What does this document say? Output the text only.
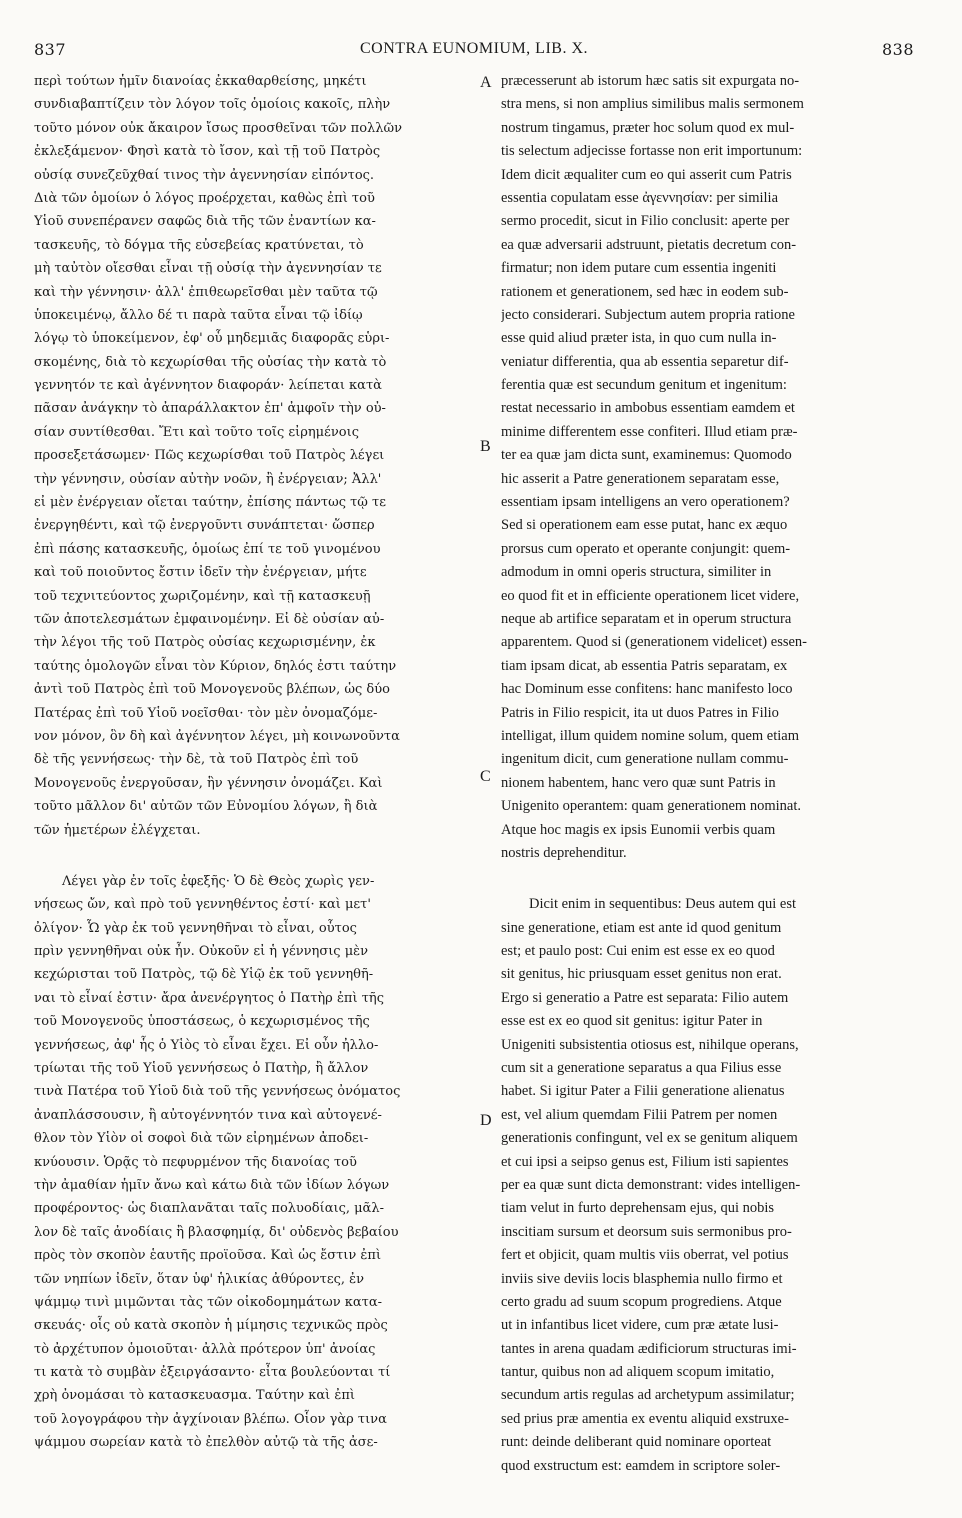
837	CONTRA EUNOMIUM, LIB. X.	838
περὶ τούτων ἡμῖν διανοίας ἐκκαθαρθείσης, μηκέτι
συνδιαβαπτίζειν τὸν λόγον τοῖς ὁμοίοις κακοῖς, πλὴν
τοῦτο μόνον οὐκ ἄκαιρον ἴσως προσθεῖναι τῶν πολλῶν
ἐκλεξάμενον· Φησὶ κατὰ τὸ ἴσον, καὶ τῇ τοῦ Πατρὸς
οὐσίᾳ συνεζεῦχθαί τινος τὴν ἀγεννησίαν εἰπόντος.
Διὰ τῶν ὁμοίων ὁ λόγος προέρχεται, καθὼς ἐπὶ τοῦ
Υἱοῦ συνεπέρανεν σαφῶς διὰ τῆς τῶν ἐναντίων κα-
τασκευῆς, τὸ δόγμα τῆς εὐσεβείας κρατύνεται, τὸ
μὴ ταὐτὸν οἴεσθαι εἶναι τῇ οὐσίᾳ τὴν ἀγεννησίαν τε
καὶ τὴν γέννησιν· ἀλλ' ἐπιθεωρεῖσθαι μὲν ταῦτα τῷ
ὑποκειμένῳ, ἄλλο δέ τι παρὰ ταῦτα εἶναι τῷ ἰδίῳ
λόγῳ τὸ ὑποκείμενον, ἐφ' οὗ μηδεμιᾶς διαφορᾶς εὑρι-
σκομένης, διὰ τὸ κεχωρίσθαι τῆς οὐσίας τὴν κατὰ τὸ
γεννητόν τε καὶ ἀγέννητον διαφοράν· λείπεται κατὰ
πᾶσαν ἀνάγκην τὸ ἀπαράλλακτον ἐπ' ἀμφοῖν τὴν οὐ-
σίαν συντίθεσθαι. Ἔτι καὶ τοῦτο τοῖς εἰρημένοις
προσεξετάσωμεν· Πῶς κεχωρίσθαι τοῦ Πατρὸς λέγει
τὴν γέννησιν, οὐσίαν αὐτὴν νοῶν, ἢ ἐνέργειαν; Ἀλλ'
εἰ μὲν ἐνέργειαν οἴεται ταύτην, ἐπίσης πάντως τῷ τε
ἐνεργηθέντι, καὶ τῷ ἐνεργοῦντι συνάπτεται· ὥσπερ
ἐπὶ πάσης κατασκευῆς, ὁμοίως ἐπί τε τοῦ γινομένου
καὶ τοῦ ποιοῦντος ἔστιν ἰδεῖν τὴν ἐνέργειαν, μήτε
τοῦ τεχνιτεύοντος χωριζομένην, καὶ τῇ κατασκευῇ
τῶν ἀποτελεσμάτων ἐμφαινομένην. Εἰ δὲ οὐσίαν αὐ-
τὴν λέγοι τῆς τοῦ Πατρὸς οὐσίας κεχωρισμένην, ἐκ
ταύτης ὁμολογῶν εἶναι τὸν Κύριον, δηλός ἐστι ταύτην
ἀντὶ τοῦ Πατρὸς ἐπὶ τοῦ Μονογενοῦς βλέπων, ὡς δύο
Πατέρας ἐπὶ τοῦ Υἱοῦ νοεῖσθαι· τὸν μὲν ὀνομαζόμε-
νον μόνον, ὃν δὴ καὶ ἀγέννητον λέγει, μὴ κοινωνοῦντα
δὲ τῆς γεννήσεως· τὴν δὲ, τὰ τοῦ Πατρὸς ἐπὶ τοῦ
Μονογενοῦς ἐνεργοῦσαν, ἣν γέννησιν ὀνομάζει. Καὶ
τοῦτο μᾶλλον δι' αὐτῶν τῶν Εὐνομίου λόγων, ἢ διὰ
τῶν ἡμετέρων ἐλέγχεται.
Λέγει γὰρ ἐν τοῖς ἐφεξῆς· Ὁ δὲ Θεὸς χωρὶς γεν-
νήσεως ὤν, καὶ πρὸ τοῦ γεννηθέντος ἐστί· καὶ μετ'
ὀλίγον· Ὧ γὰρ ἐκ τοῦ γεννηθῆναι τὸ εἶναι, οὗτος
πρὶν γεννηθῆναι οὐκ ἦν. Οὐκοῦν εἰ ἡ γέννησις μὲν
κεχώρισται τοῦ Πατρὸς, τῷ δὲ Υἱῷ ἐκ τοῦ γεννηθῆ-
ναι τὸ εἶναί ἐστιν· ἄρα ἀνενέργητος ὁ Πατὴρ ἐπὶ τῆς
τοῦ Μονογενοῦς ὑποστάσεως, ὁ κεχωρισμένος τῆς
γεννήσεως, ἀφ' ἧς ὁ Υἱὸς τὸ εἶναι ἔχει. Εἰ οὖν ἠλλο-
τρίωται τῆς τοῦ Υἱοῦ γεννήσεως ὁ Πατὴρ, ἢ ἄλλον
τινὰ Πατέρα τοῦ Υἱοῦ διὰ τοῦ τῆς γεννήσεως ὀνόματος
ἀναπλάσσουσιν, ἢ αὐτογέννητόν τινα καὶ αὐτογενέ-
θλον τὸν Υἱὸν οἱ σοφοὶ διὰ τῶν εἰρημένων ἀποδει-
κνύουσιν. Ὁρᾷς τὸ πεφυρμένον τῆς διανοίας τοῦ
τὴν ἀμαθίαν ἡμῖν ἄνω καὶ κάτω διὰ τῶν ἰδίων λόγων
προφέροντος· ὡς διαπλανᾶται ταῖς πολυοδίαις, μᾶλ-
λον δὲ ταῖς ἀνοδίαις ἢ βλασφημίᾳ, δι' οὐδενὸς βεβαίου
πρὸς τὸν σκοπὸν ἑαυτῆς προϊοῦσα. Καὶ ὡς ἔστιν ἐπὶ
τῶν νηπίων ἰδεῖν, ὅταν ὑφ' ἡλικίας ἀθύροντες, ἐν
ψάμμῳ τινὶ μιμῶνται τὰς τῶν οἰκοδομημάτων κατα-
σκευάς· οἷς οὐ κατὰ σκοπὸν ἡ μίμησις τεχνικῶς πρὸς
τὸ ἀρχέτυπον ὁμοιοῦται· ἀλλὰ πρότερον ὑπ' ἀνοίας
τι κατὰ τὸ συμβὰν ἐξειργάσαντο· εἶτα βουλεύονται τί
χρὴ ὀνομάσαι τὸ κατασκευασμα. Ταύτην καὶ ἐπὶ
τοῦ λογογράφου τὴν ἀγχίνοιαν βλέπω. Οἷον γὰρ τινα
ψάμμου σωρείαν κατὰ τὸ ἐπελθὸν αὐτῷ τὰ τῆς ἀσε-
præcesserunt ab istorum hæc satis sit expurgata no-
stra mens, si non amplius similibus malis sermonem
nostrum tingamus, præter hoc solum quod ex mul-
tis selectum adjecisse fortasse non erit importunum:
Idem dicit æqualiter cum eo qui asserit cum Patris
essentia copulatam esse ἀγεννησίαν: per similia
sermo procedit, sicut in Filio conclusit: aperte per
ea quæ adversarii adstruunt, pietatis decretum con-
firmatur; non idem putare cum essentia ingeniti
rationem et generationem, sed hæc in eodem sub-
jecto considerari. Subjectum autem propria ratione
esse quid aliud præter ista, in quo cum nulla in-
veniatur differentia, qua ab essentia separetur dif-
ferentia quæ est secundum genitum et ingenitum:
restat necessario in ambobus essentiam eamdem et
minime differentem esse confiteri. Illud etiam præ-
ter ea quæ jam dicta sunt, examinemus: Quomodo
hic asserit a Patre generationem separatam esse,
essentiam ipsam intelligens an vero operationem?
Sed si operationem eam esse putat, hanc ex æquo
prorsus cum operato et operante conjungit: quem-
admodum in omni operis structura, similiter in
eo quod fit et in efficiente operationem licet videre,
neque ab artifice separatam et in operum structura
apparentem. Quod si (generationem videlicet) essen-
tiam ipsam dicat, ab essentia Patris separatam, ex
hac Dominum esse confitens: hanc manifesto loco
Patris in Filio respicit, ita ut duos Patres in Filio
intelligat, illum quidem nomine solum, quem etiam
ingenitum dicit, cum generatione nullam commu-
nionem habentem, hanc vero quæ sunt Patris in
Unigenito operantem: quam generationem nominat.
Atque hoc magis ex ipsis Eunomii verbis quam
nostris deprehenditur.
Dicit enim in sequentibus: Deus autem qui est
sine generatione, etiam est ante id quod genitum
est; et paulo post: Cui enim est esse ex eo quod
sit genitus, hic priusquam esset genitus non erat.
Ergo si generatio a Patre est separata: Filio autem
esse est ex eo quod sit genitus: igitur Pater in
Unigeniti subsistentia otiosus est, nihilque operans,
cum sit a generatione separatus a qua Filius esse
habet. Si igitur Pater a Filii generatione alienatus
est, vel alium quemdam Filii Patrem per nomen
generationis confingunt, vel ex se genitum aliquem
et cui ipsi a seipso genus est, Filium isti sapientes
per ea quæ sunt dicta demonstrant: vides intelligen-
tiam velut in furto deprehensam ejus, qui nobis
inscitiam sursum et deorsum suis sermonibus pro-
fert et objicit, quam multis viis oberrat, vel potius
inviis sive deviis locis blasphemia nullo firmo et
certo gradu ad suum scopum progrediens. Atque
ut in infantibus licet videre, cum præ ætate lusi-
tantes in arena quadam ædificiorum structuras imi-
tantur, quibus non ad aliquem scopum imitatio,
secundum artis regulas ad archetypum assimilatur;
sed prius præ amentia ex eventu aliquid exstruxe-
runt: deinde deliberant quid nominare oporteat
quod exstructum est: eamdem in scriptore soler-
A
B
C
D
